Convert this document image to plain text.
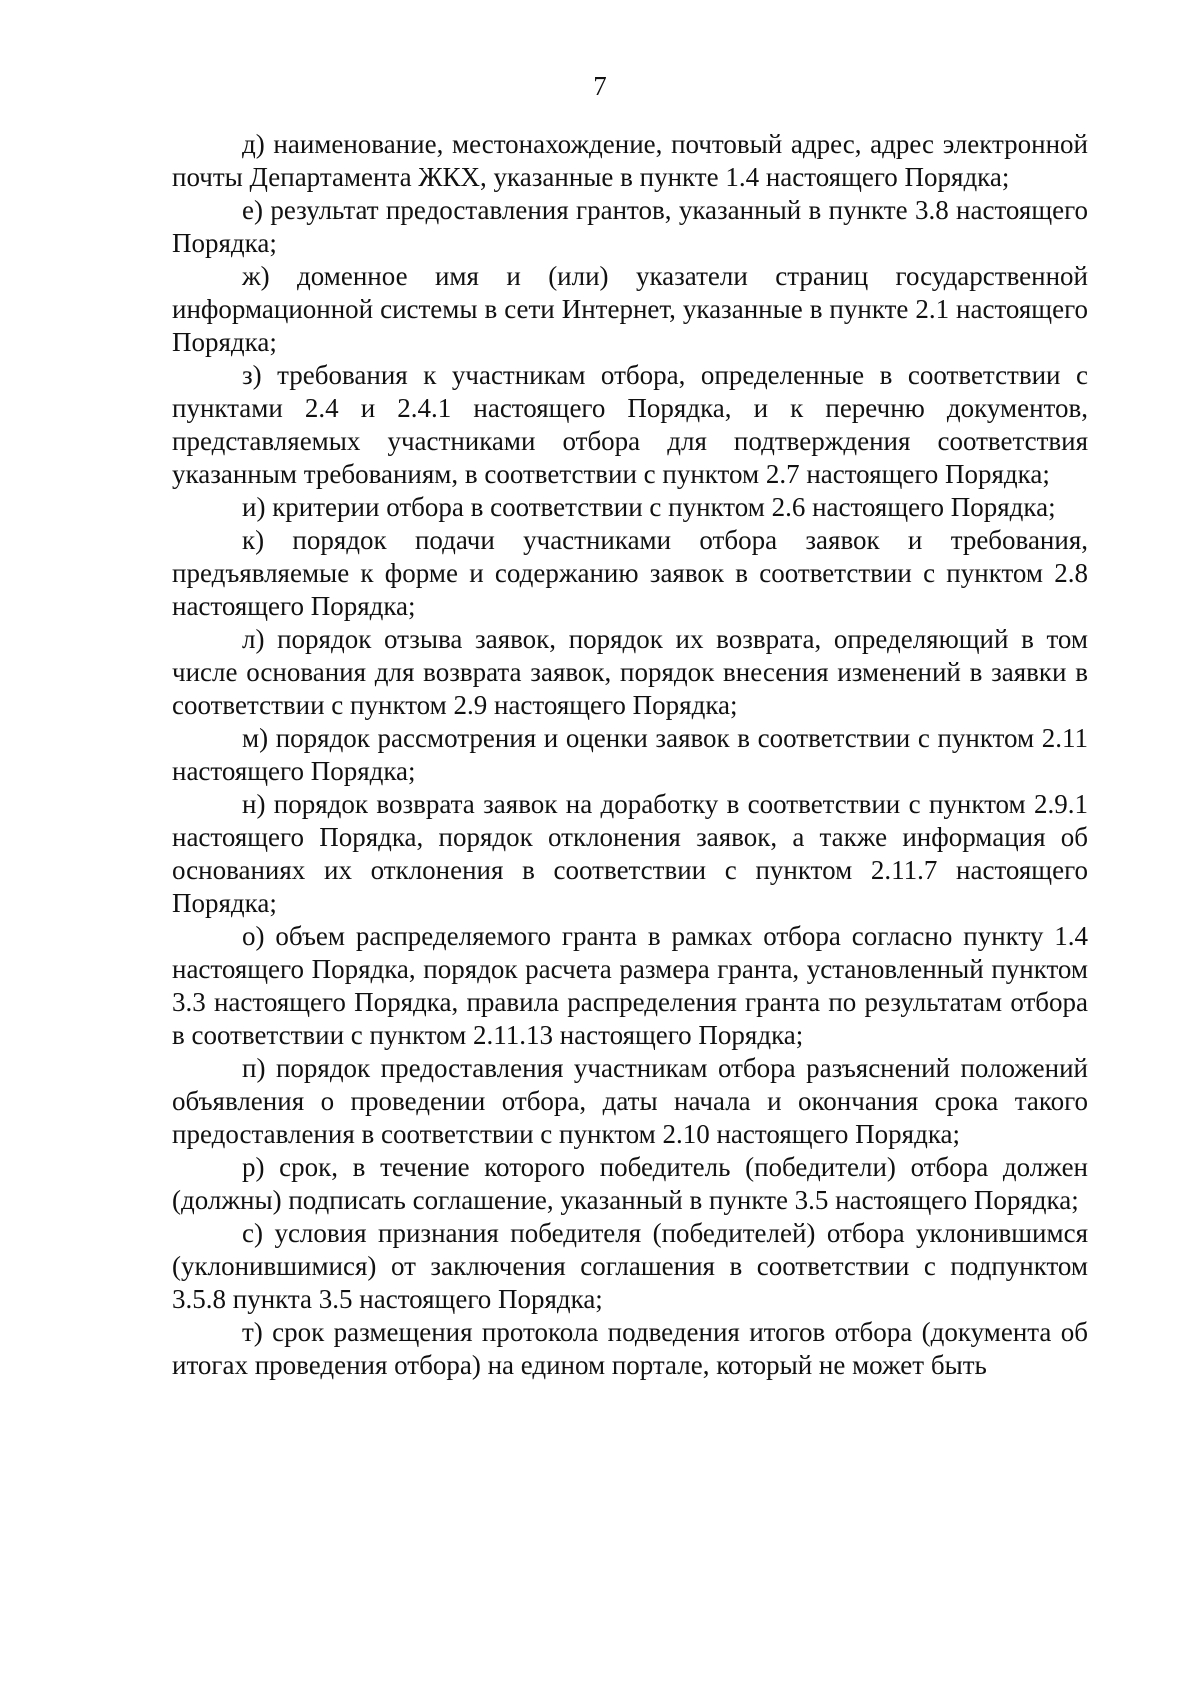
7

д) наименование, местонахождение, почтовый адрес, адрес электронной почты Департамента ЖКХ, указанные в пункте 1.4 настоящего Порядка;

е) результат предоставления грантов, указанный в пункте 3.8 настоящего Порядка;

ж) доменное имя и (или) указатели страниц государственной информационной системы в сети Интернет, указанные в пункте 2.1 настоящего Порядка;

з) требования к участникам отбора, определенные в соответствии с пунктами 2.4 и 2.4.1 настоящего Порядка, и к перечню документов, представляемых участниками отбора для подтверждения соответствия указанным требованиям, в соответствии с пунктом 2.7 настоящего Порядка;

и) критерии отбора в соответствии с пунктом 2.6 настоящего Порядка;

к) порядок подачи участниками отбора заявок и требования, предъявляемые к форме и содержанию заявок в соответствии с пунктом 2.8 настоящего Порядка;

л) порядок отзыва заявок, порядок их возврата, определяющий в том числе основания для возврата заявок, порядок внесения изменений в заявки в соответствии с пунктом 2.9 настоящего Порядка;

м) порядок рассмотрения и оценки заявок в соответствии с пунктом 2.11 настоящего Порядка;

н) порядок возврата заявок на доработку в соответствии с пунктом 2.9.1 настоящего Порядка, порядок отклонения заявок, а также информация об основаниях их отклонения в соответствии с пунктом 2.11.7 настоящего Порядка;

о) объем распределяемого гранта в рамках отбора согласно пункту 1.4 настоящего Порядка, порядок расчета размера гранта, установленный пунктом 3.3 настоящего Порядка, правила распределения гранта по результатам отбора в соответствии с пунктом 2.11.13 настоящего Порядка;

п) порядок предоставления участникам отбора разъяснений положений объявления о проведении отбора, даты начала и окончания срока такого предоставления в соответствии с пунктом 2.10 настоящего Порядка;

р) срок, в течение которого победитель (победители) отбора должен (должны) подписать соглашение, указанный в пункте 3.5 настоящего Порядка;

с) условия признания победителя (победителей) отбора уклонившимся (уклонившимися) от заключения соглашения в соответствии с подпунктом 3.5.8 пункта 3.5 настоящего Порядка;

т) срок размещения протокола подведения итогов отбора (документа об итогах проведения отбора) на едином портале, который не может быть
